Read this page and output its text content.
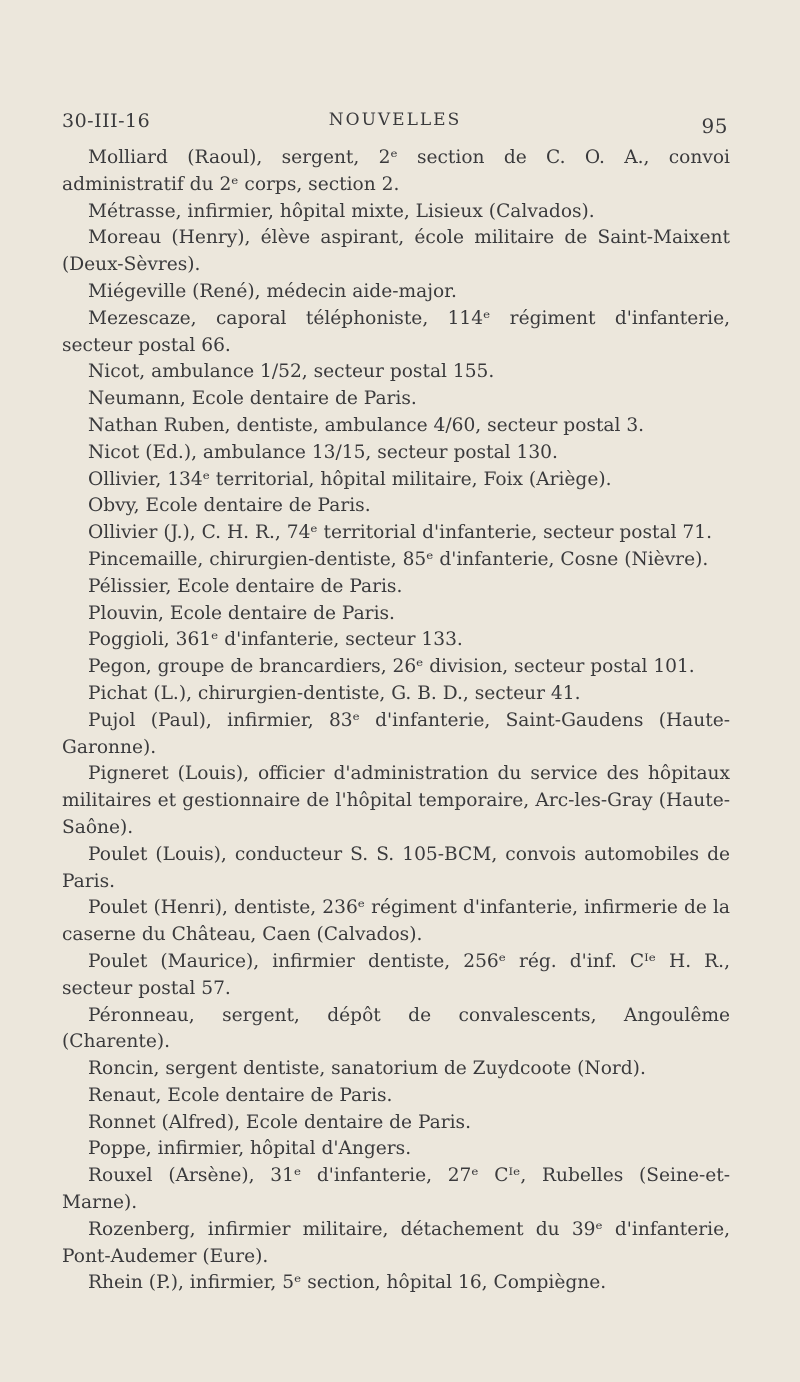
30-III-16	NOUVELLES	95

Molliard (Raoul), sergent, 2ᵉ section de C. O. A., convoi administratif du 2ᵉ corps, section 2.

Métrasse, infirmier, hôpital mixte, Lisieux (Calvados).

Moreau (Henry), élève aspirant, école militaire de Saint-Maixent (Deux-Sèvres).

Miégeville (René), médecin aide-major.

Mezescaze, caporal téléphoniste, 114ᵉ régiment d'infanterie, secteur postal 66.

Nicot, ambulance 1/52, secteur postal 155.

Neumann, Ecole dentaire de Paris.

Nathan Ruben, dentiste, ambulance 4/60, secteur postal 3.

Nicot (Ed.), ambulance 13/15, secteur postal 130.

Ollivier, 134ᵉ territorial, hôpital militaire, Foix (Ariège).

Obvy, Ecole dentaire de Paris.

Ollivier (J.), C. H. R., 74ᵉ territorial d'infanterie, secteur postal 71.

Pincemaille, chirurgien-dentiste, 85ᵉ d'infanterie, Cosne (Nièvre).

Pélissier, Ecole dentaire de Paris.

Plouvin, Ecole dentaire de Paris.

Poggioli, 361ᵉ d'infanterie, secteur 133.

Pegon, groupe de brancardiers, 26ᵉ division, secteur postal 101.

Pichat (L.), chirurgien-dentiste, G. B. D., secteur 41.

Pujol (Paul), infirmier, 83ᵉ d'infanterie, Saint-Gaudens (Haute-Garonne).

Pigneret (Louis), officier d'administration du service des hôpitaux militaires et gestionnaire de l'hôpital temporaire, Arc-les-Gray (Haute-Saône).

Poulet (Louis), conducteur S. S. 105-BCM, convois automobiles de Paris.

Poulet (Henri), dentiste, 236ᵉ régiment d'infanterie, infirmerie de la caserne du Château, Caen (Calvados).

Poulet (Maurice), infirmier dentiste, 256ᵉ rég. d'inf. Cᴵᵉ H. R., secteur postal 57.

Péronneau, sergent, dépôt de convalescents, Angoulême (Charente).

Roncin, sergent dentiste, sanatorium de Zuydcoote (Nord).

Renaut, Ecole dentaire de Paris.

Ronnet (Alfred), Ecole dentaire de Paris.

Poppe, infirmier, hôpital d'Angers.

Rouxel (Arsène), 31ᵉ d'infanterie, 27ᵉ Cᴵᵉ, Rubelles (Seine-et-Marne).

Rozenberg, infirmier militaire, détachement du 39ᵉ d'infanterie, Pont-Audemer (Eure).

Rhein (P.), infirmier, 5ᵉ section, hôpital 16, Compiègne.
